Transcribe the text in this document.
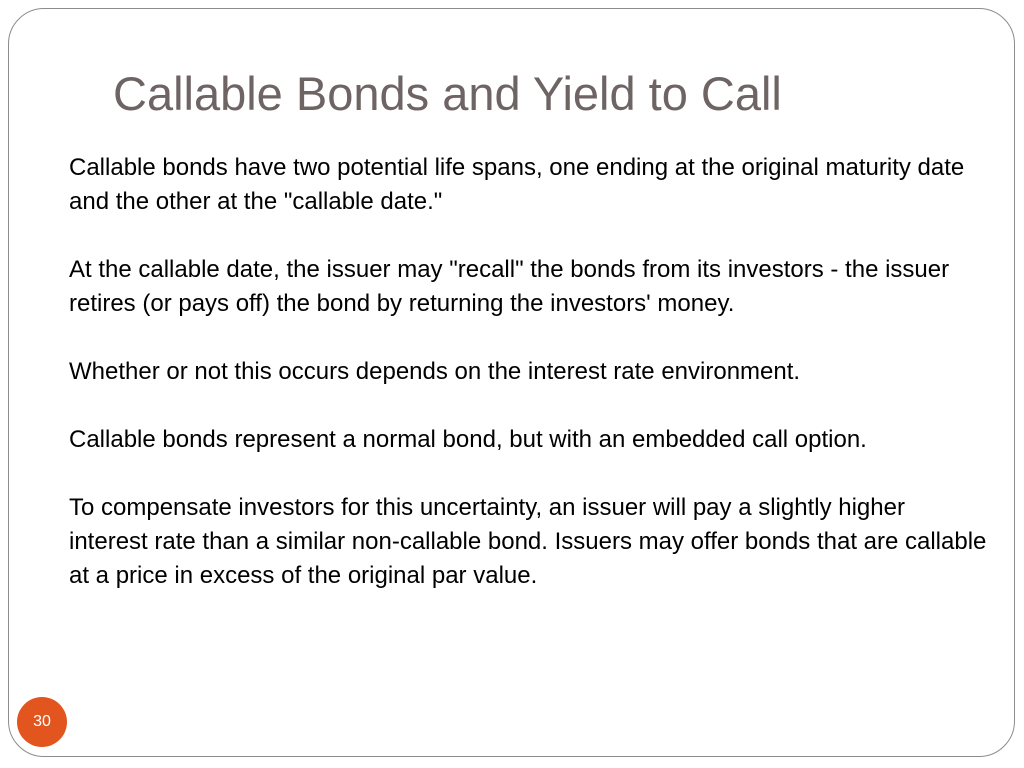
Callable Bonds and Yield to Call

Callable bonds have two potential life spans, one ending at the original maturity date and the other at the "callable date."

At the callable date, the issuer may "recall" the bonds from its investors - the issuer retires (or pays off) the bond by returning the investors' money.

Whether or not this occurs depends on the interest rate environment.

Callable bonds represent a normal bond, but with an embedded call option.

To compensate investors for this uncertainty, an issuer will pay a slightly higher interest rate than a similar non-callable bond. Issuers may offer bonds that are callable at a price in excess of the original par value.

30
